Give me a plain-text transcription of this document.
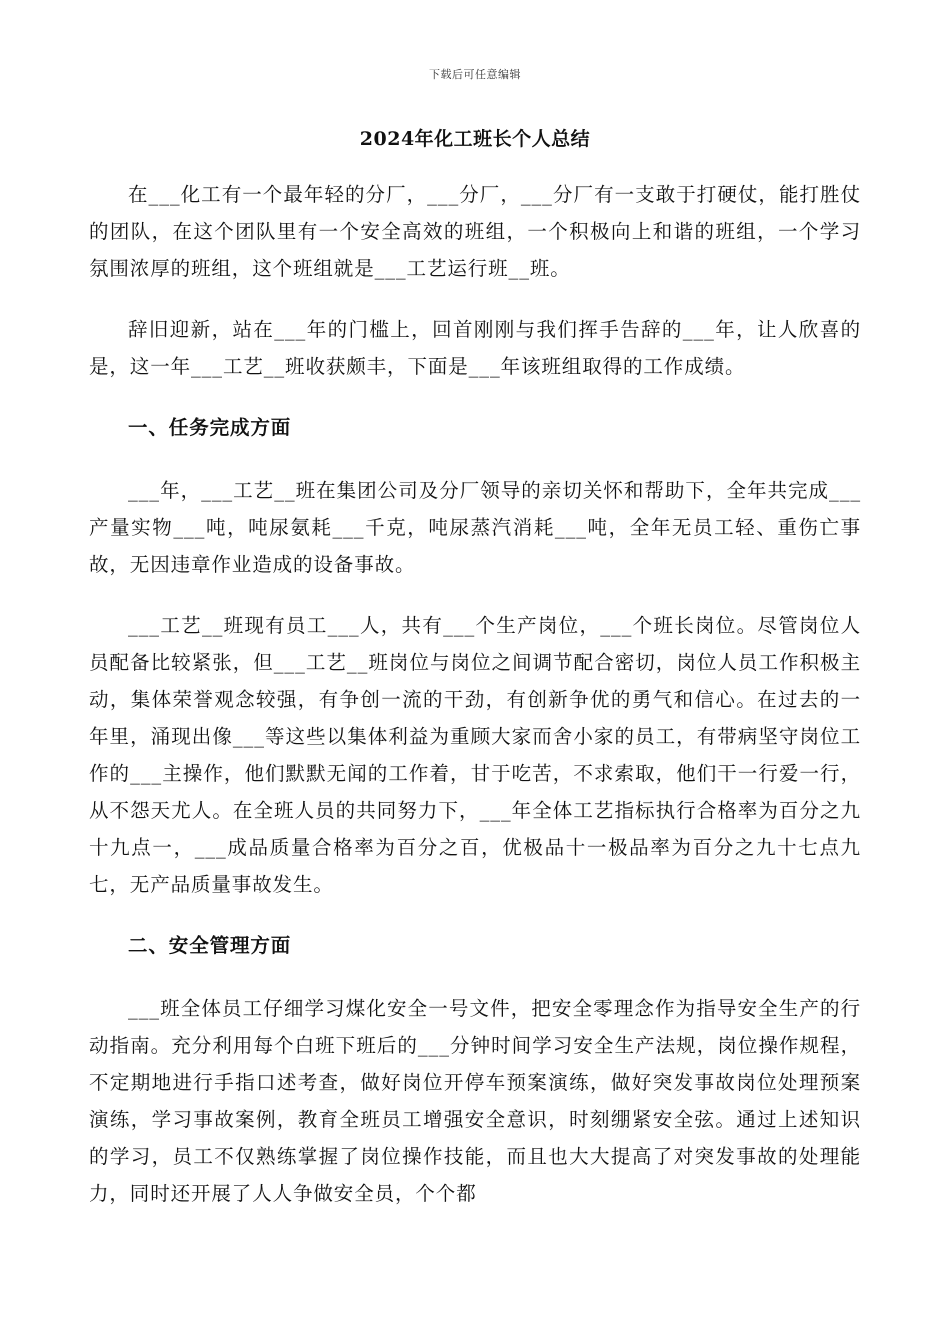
下载后可任意编辑
2024年化工班长个人总结

在___化工有一个最年轻的分厂，___分厂，___分厂有一支敢于打硬仗，能打胜仗的团队，在这个团队里有一个安全高效的班组，一个积极向上和谐的班组，一个学习氛围浓厚的班组，这个班组就是___工艺运行班__班。

辞旧迎新，站在___年的门槛上，回首刚刚与我们挥手告辞的___年，让人欣喜的是，这一年___工艺__班收获颇丰，下面是___年该班组取得的工作成绩。

一、任务完成方面

___年，___工艺__班在集团公司及分厂领导的亲切关怀和帮助下，全年共完成___产量实物___吨，吨尿氨耗___千克，吨尿蒸汽消耗___吨，全年无员工轻、重伤亡事故，无因违章作业造成的设备事故。

___工艺__班现有员工___人，共有___个生产岗位，___个班长岗位。尽管岗位人员配备比较紧张，但___工艺__班岗位与岗位之间调节配合密切，岗位人员工作积极主动，集体荣誉观念较强，有争创一流的干劲，有创新争优的勇气和信心。在过去的一年里，涌现出像___等这些以集体利益为重顾大家而舍小家的员工，有带病坚守岗位工作的___主操作，他们默默无闻的工作着，甘于吃苦，不求索取，他们干一行爱一行，从不怨天尤人。在全班人员的共同努力下，___年全体工艺指标执行合格率为百分之九十九点一，___成品质量合格率为百分之百，优极品十一极品率为百分之九十七点九七，无产品质量事故发生。

二、安全管理方面

___班全体员工仔细学习煤化安全一号文件，把安全零理念作为指导安全生产的行动指南。充分利用每个白班下班后的___分钟时间学习安全生产法规，岗位操作规程，不定期地进行手指口述考查，做好岗位开停车预案演练，做好突发事故岗位处理预案演练，学习事故案例，教育全班员工增强安全意识，时刻绷紧安全弦。通过上述知识的学习，员工不仅熟练掌握了岗位操作技能，而且也大大提高了对突发事故的处理能力，同时还开展了人人争做安全员，个个都
